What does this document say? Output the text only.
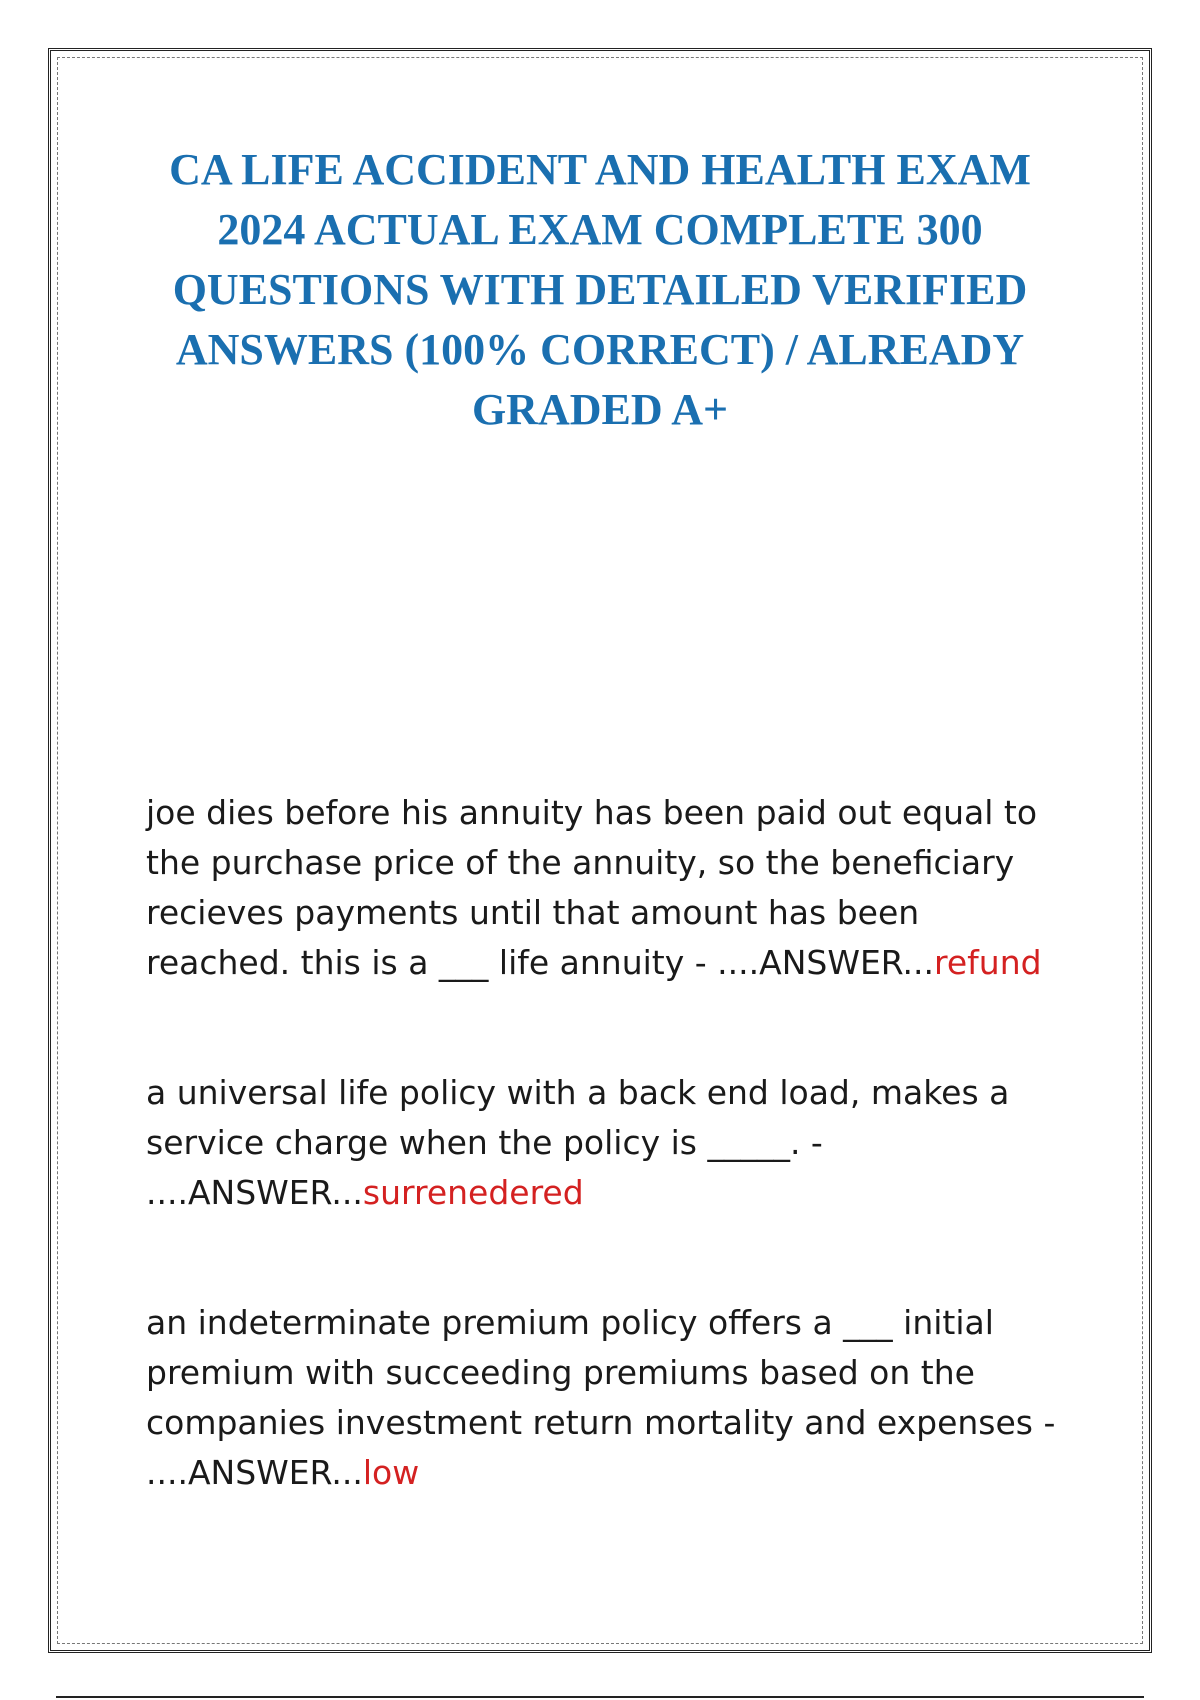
CA LIFE ACCIDENT AND HEALTH EXAM 2024 ACTUAL EXAM COMPLETE 300 QUESTIONS WITH DETAILED VERIFIED ANSWERS (100% CORRECT) / ALREADY GRADED A+

joe dies before his annuity has been paid out equal to the purchase price of the annuity, so the beneficiary recieves payments until that amount has been reached. this is a ___ life annuity - ....ANSWER...refund

a universal life policy with a back end load, makes a service charge when the policy is _____. - ....ANSWER...surrenedered

an indeterminate premium policy offers a ___ initial premium with succeeding premiums based on the companies investment return mortality and expenses - ....ANSWER...low
